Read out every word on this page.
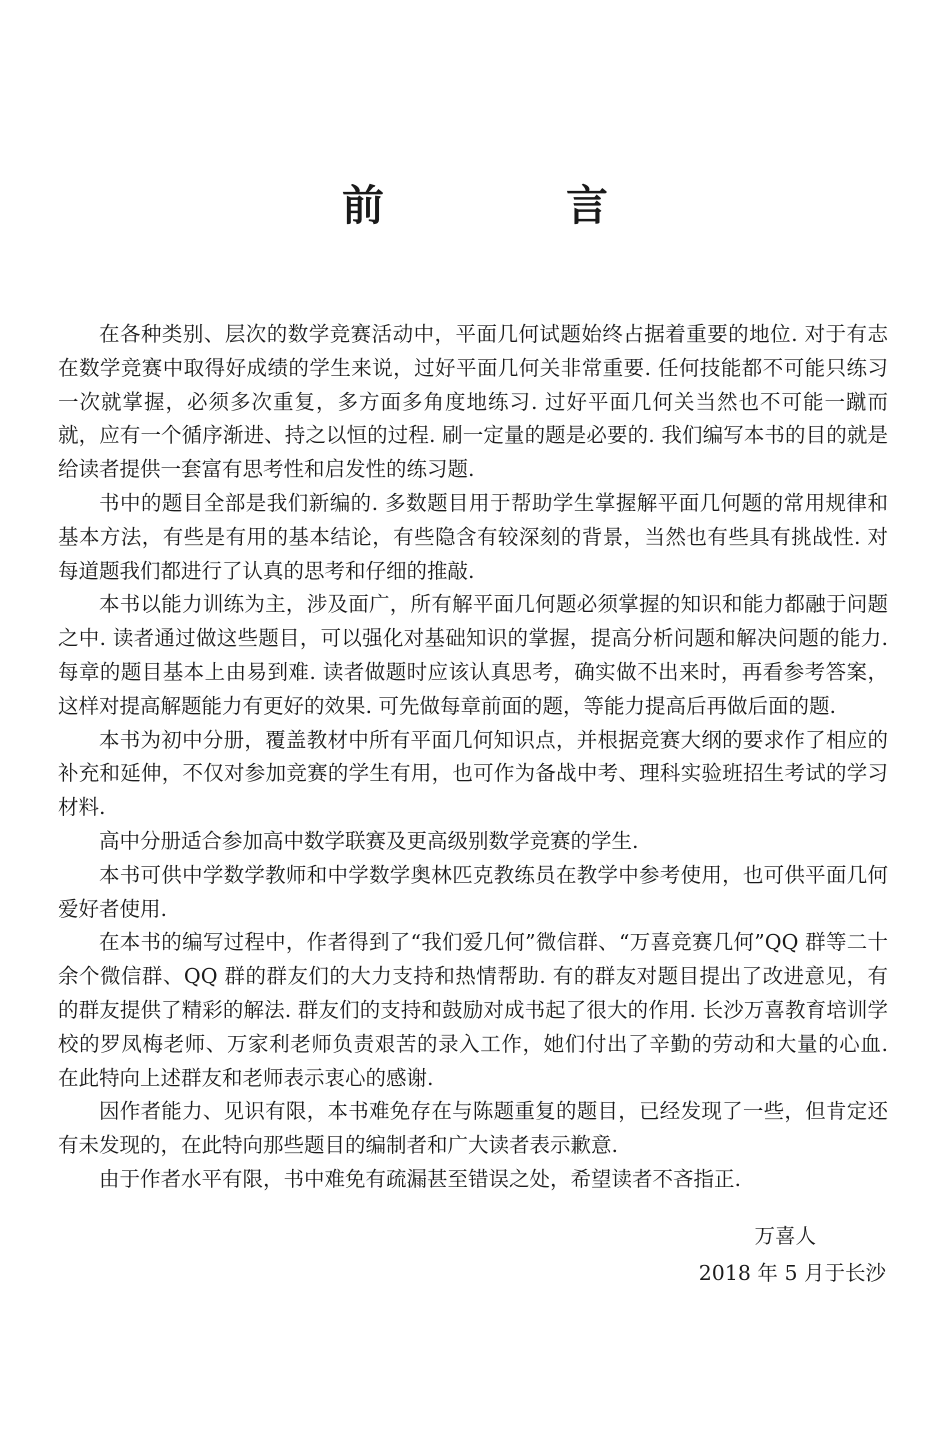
前　言

在各种类别、层次的数学竞赛活动中，平面几何试题始终占据着重要的地位. 对于有志在数学竞赛中取得好成绩的学生来说，过好平面几何关非常重要. 任何技能都不可能只练习一次就掌握，必须多次重复，多方面多角度地练习. 过好平面几何关当然也不可能一蹴而就，应有一个循序渐进、持之以恒的过程. 刷一定量的题是必要的. 我们编写本书的目的就是给读者提供一套富有思考性和启发性的练习题.

书中的题目全部是我们新编的. 多数题目用于帮助学生掌握解平面几何题的常用规律和基本方法，有些是有用的基本结论，有些隐含有较深刻的背景，当然也有些具有挑战性. 对每道题我们都进行了认真的思考和仔细的推敲.

本书以能力训练为主，涉及面广，所有解平面几何题必须掌握的知识和能力都融于问题之中. 读者通过做这些题目，可以强化对基础知识的掌握，提高分析问题和解决问题的能力. 每章的题目基本上由易到难. 读者做题时应该认真思考，确实做不出来时，再看参考答案，这样对提高解题能力有更好的效果. 可先做每章前面的题，等能力提高后再做后面的题.

本书为初中分册，覆盖教材中所有平面几何知识点，并根据竞赛大纲的要求作了相应的补充和延伸，不仅对参加竞赛的学生有用，也可作为备战中考、理科实验班招生考试的学习材料.

高中分册适合参加高中数学联赛及更高级别数学竞赛的学生.

本书可供中学数学教师和中学数学奥林匹克教练员在教学中参考使用，也可供平面几何爱好者使用.

在本书的编写过程中，作者得到了“我们爱几何”微信群、“万喜竞赛几何”QQ 群等二十余个微信群、QQ 群的群友们的大力支持和热情帮助. 有的群友对题目提出了改进意见，有的群友提供了精彩的解法. 群友们的支持和鼓励对成书起了很大的作用. 长沙万喜教育培训学校的罗凤梅老师、万家利老师负责艰苦的录入工作，她们付出了辛勤的劳动和大量的心血. 在此特向上述群友和老师表示衷心的感谢.

因作者能力、见识有限，本书难免存在与陈题重复的题目，已经发现了一些，但肯定还有未发现的，在此特向那些题目的编制者和广大读者表示歉意.

由于作者水平有限，书中难免有疏漏甚至错误之处，希望读者不吝指正.

万喜人
2018 年 5 月于长沙
